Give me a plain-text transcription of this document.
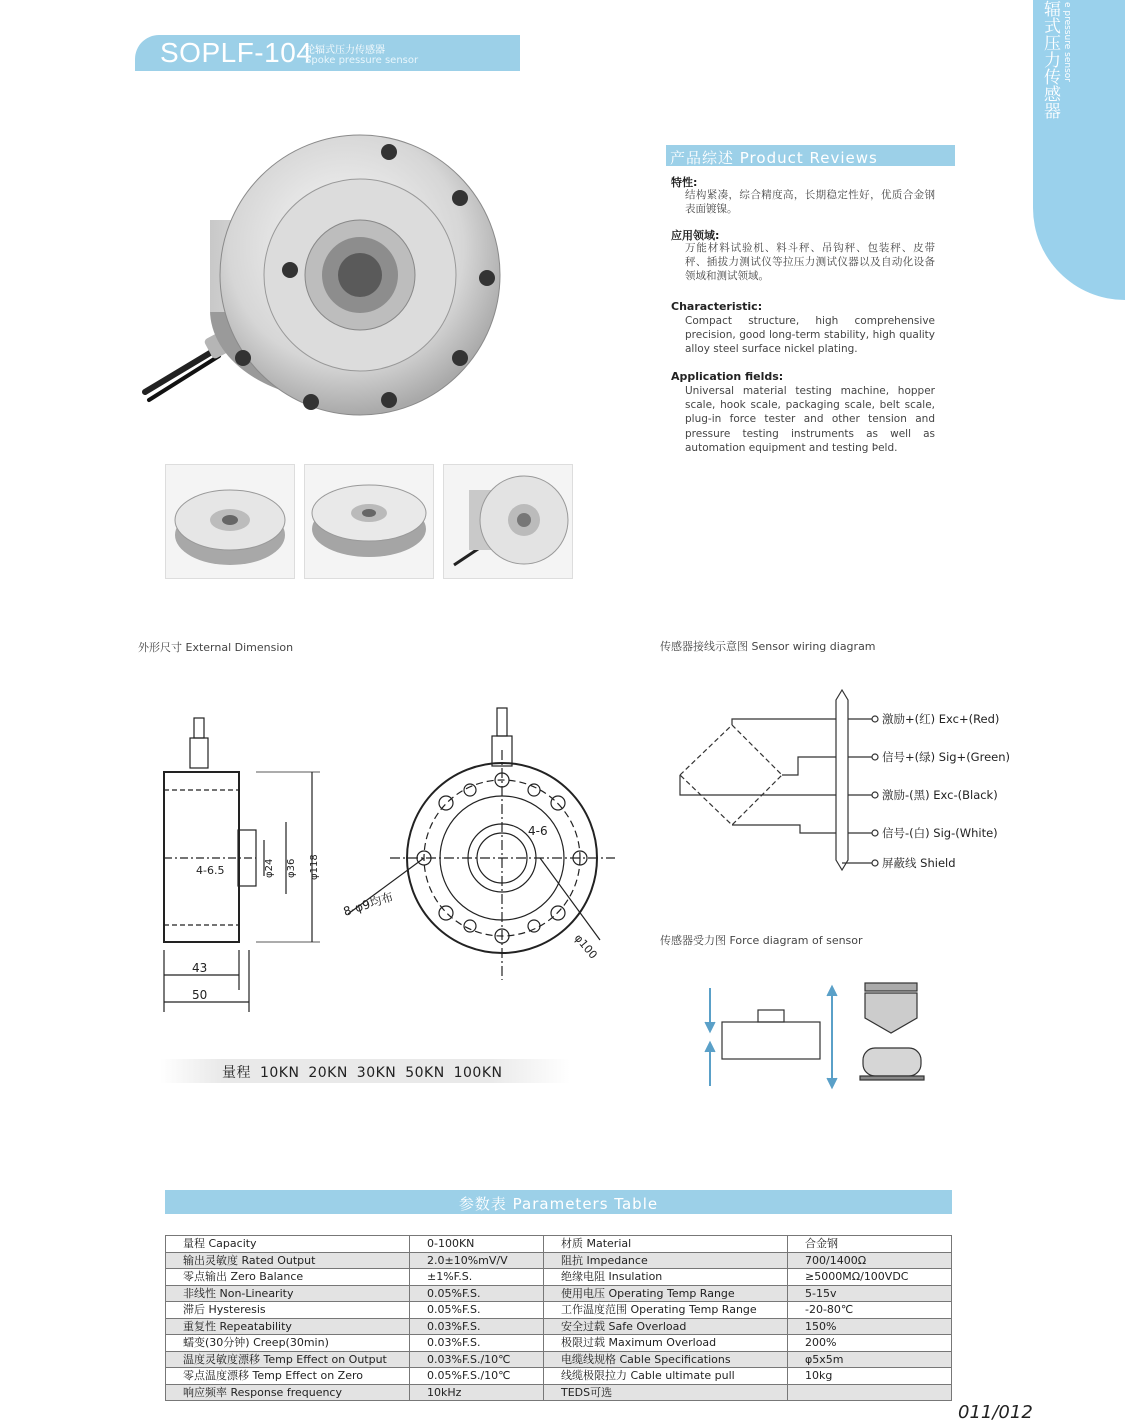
SOPLF-104
轮辐式压力传感器
Spoke pressure sensor	辐式压力传感器 e pressure sensor
产品综述 Product Reviews
特性:
结构紧凑，综合精度高，长期稳定性好，优质合金钢表面镀镍。
应用领域:
万能材料试验机、料斗秤、吊钩秤、包装秤、皮带秤、插拔力测试仪等拉压力测试仪器以及自动化设备领域和测试领域。
Characteristic:
Compact structure, high comprehensive precision, good long-term stability, high quality alloy steel surface nickel plating.
Application fields:
Universal material testing machine, hopper scale, hook scale, packaging scale, belt scale, plug-in force tester and other tension and pressure testing instruments as well as automation equipment and testing Þeld.
外形尺寸 External Dimension	传感器接线示意图 Sensor wiring diagram
传感器受力图 Force diagram of sensor
4-6.5	φ24 φ36 φ118
43
50
4-6
8-φ9均布
φ100
激励+(红) Exc+(Red)
信号+(绿) Sig+(Green)
激励-(黑) Exc-(Black)
信号-(白) Sig-(White)
屏蔽线 Shield
量程 10KN 20KN 30KN 50KN 100KN
参数表 Parameters Table
量程 Capacity	0-100KN	材质 Material	合金钢
输出灵敏度 Rated Output	2.0±10%mV/V	阻抗 Impedance	700/1400Ω
零点输出 Zero Balance	±1%F.S.	绝缘电阻 Insulation	≥5000MΩ/100VDC
非线性 Non-Linearity	0.05%F.S.	使用电压 Operating Temp Range	5-15v
滞后 Hysteresis	0.05%F.S.	工作温度范围 Operating Temp Range	-20-80℃
重复性 Repeatability	0.03%F.S.	安全过载 Safe Overload	150%
蠕变(30分钟) Creep(30min)	0.03%F.S.	极限过载 Maximum Overload	200%
温度灵敏度漂移 Temp Effect on Output	0.03%F.S./10℃	电缆线规格 Cable Specifications	φ5x5m
零点温度漂移 Temp Effect on Zero	0.05%F.S./10℃	线缆极限拉力 Cable ultimate pull	10kg
响应频率 Response frequency	10kHz	TEDS可选	
011/012
